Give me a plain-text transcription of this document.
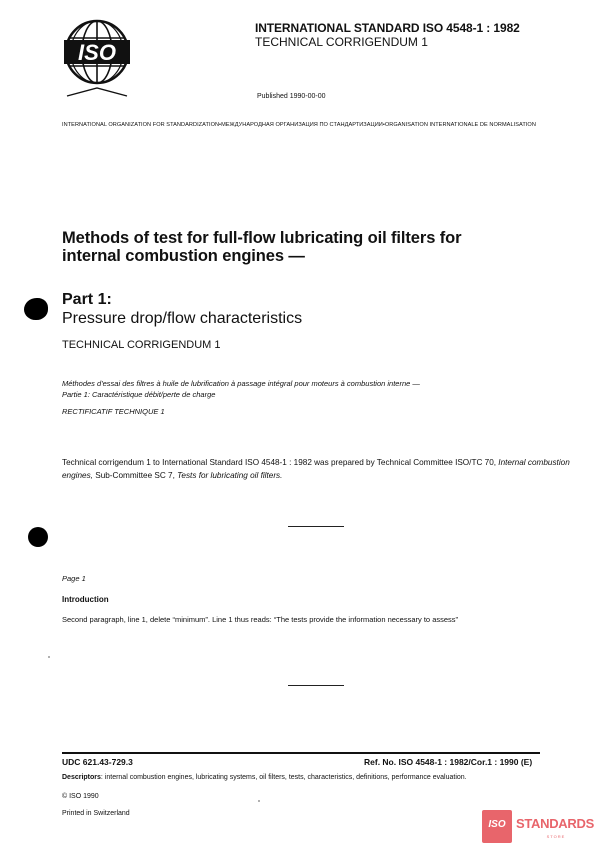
ISO
INTERNATIONAL STANDARD ISO 4548-1 : 1982
TECHNICAL CORRIGENDUM 1
Published 1990-00-00
INTERNATIONAL ORGANIZATION FOR STANDARDIZATION•МЕЖДУНАРОДНАЯ ОРГАНИЗАЦИЯ ПО СТАНДАРТИЗАЦИИ•ORGANISATION INTERNATIONALE DE NORMALISATION
Methods of test for full-flow lubricating oil filters for
internal combustion engines —
Part 1:
Pressure drop/flow characteristics
TECHNICAL CORRIGENDUM 1
Méthodes d'essai des filtres à huile de lubrification à passage intégral pour moteurs à combustion interne —
Partie 1: Caractéristique débit/perte de charge
RECTIFICATIF TECHNIQUE 1
Technical corrigendum 1 to International Standard ISO 4548-1 : 1982 was prepared by Technical Committee ISO/TC 70, Internal combustion engines, Sub-Committee SC 7, Tests for lubricating oil filters.
Page 1
Introduction
Second paragraph, line 1, delete “minimum”. Line 1 thus reads: “The tests provide the information necessary to assess”
UDC 621.43-729.3	Ref. No. ISO 4548-1 : 1982/Cor.1 : 1990 (E)
Descriptors: internal combustion engines, lubricating systems, oil filters, tests, characteristics, definitions, performance evaluation.
© ISO 1990
Printed in Switzerland
ISO STANDARDS
STORE
